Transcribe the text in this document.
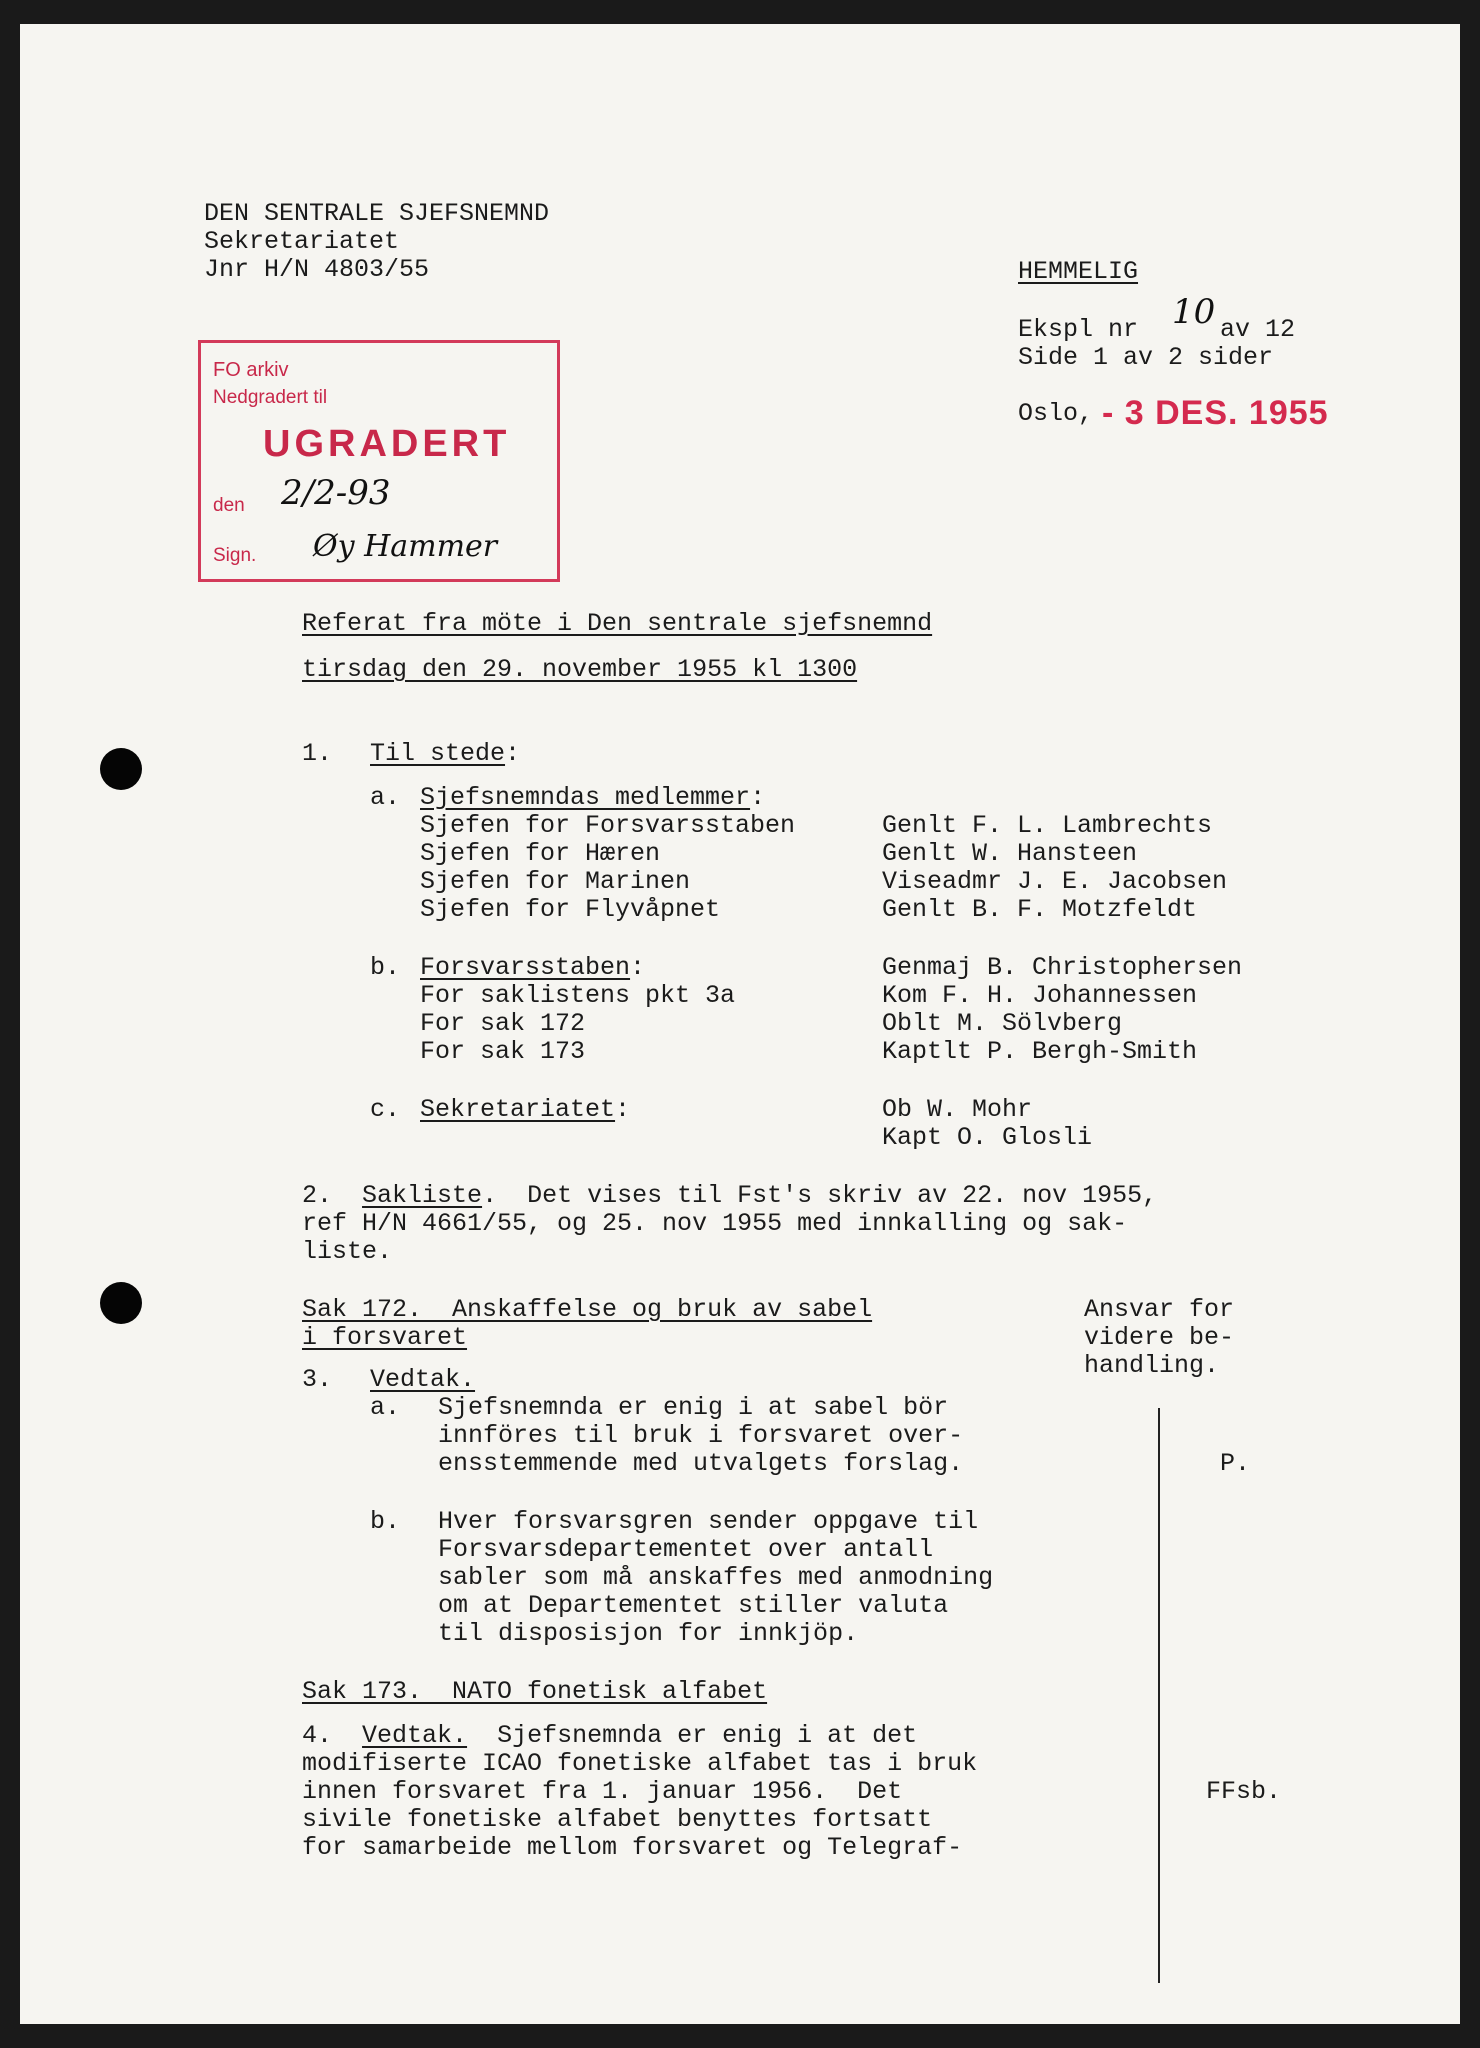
DEN SENTRALE SJEFSNEMND
Sekretariatet
Jnr H/N 4803/55	HEMMELIG
Ekspl nr 10 av 12
Side 1 av 2 sider
Oslo, - 3 DES. 1955
FO arkiv
Nedgradert til
UGRADERT
den 2/2-93
Sign. Øy Hammer
Referat fra möte i Den sentrale sjefsnemnd
tirsdag den 29. november 1955 kl 1300
1. Til stede:
a. Sjefsnemndas medlemmer:
Sjefen for Forsvarsstaben	Genlt F. L. Lambrechts
Sjefen for Hæren	Genlt W. Hansteen
Sjefen for Marinen	Viseadmr J. E. Jacobsen
Sjefen for Flyvåpnet	Genlt B. F. Motzfeldt
b. Forsvarsstaben:	Genmaj B. Christophersen
For saklistens pkt 3a	Kom F. H. Johannessen
For sak 172	Oblt M. Sölvberg
For sak 173	Kaptlt P. Bergh-Smith
c. Sekretariatet:	Ob W. Mohr
Kapt O. Glosli
2. Sakliste.  Det vises til Fst's skriv av 22. nov 1955,
ref H/N 4661/55, og 25. nov 1955 med innkalling og sak-
liste.
Sak 172.  Anskaffelse og bruk av sabel
i forsvaret
Ansvar for
videre be-
handling.
3. Vedtak.
a. Sjefsnemnda er enig i at sabel bör
innföres til bruk i forsvaret over-
ensstemmende med utvalgets forslag.	P.
b. Hver forsvarsgren sender oppgave til
Forsvarsdepartementet over antall
sabler som må anskaffes med anmodning
om at Departementet stiller valuta
til disposisjon for innkjöp.
Sak 173.  NATO fonetisk alfabet
4. Vedtak.  Sjefsnemnda er enig i at det
modifiserte ICAO fonetiske alfabet tas i bruk
innen forsvaret fra 1. januar 1956.  Det
sivile fonetiske alfabet benyttes fortsatt
for samarbeide mellom forsvaret og Telegraf-
FFsb.
